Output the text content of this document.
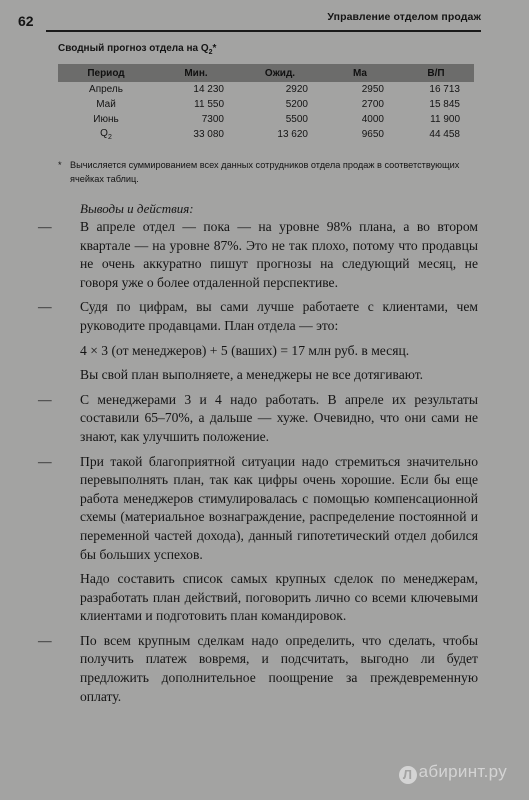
62	Управление отделом продаж
Сводный прогноз отдела на $Q_2*$
Период	Мин.	Ожид.	Ма	В/П
Апрель	14 230	2920	2950	16 713
Май	11 550	5200	2700	15 845
Июнь	7300	5500	4000	11 900
$Q_2$	33 080	13 620	9650	44 458
* Вычисляется суммированием всех данных сотрудников отдела продаж в соответствующих ячейках таблиц.
Выводы и действия:
— В апреле отдел — пока — на уровне 98% плана, а во втором квартале — на уровне 87%. Это не так плохо, потому что продавцы не очень аккуратно пишут прогнозы на следующий месяц, не говоря уже о более отдаленной перспективе.

— Судя по цифрам, вы сами лучше работаете с клиентами, чем руководите продавцами. План отдела — это:

4 × 3 (от менеджеров) + 5 (ваших) = 17 млн руб. в месяц.

Вы свой план выполняете, а менеджеры не все дотягивают.

— С менеджерами 3 и 4 надо работать. В апреле их результаты составили 65–70%, а дальше — хуже. Очевидно, что они сами не знают, как улучшить положение.

— При такой благоприятной ситуации надо стремиться значительно перевыполнять план, так как цифры очень хорошие. Если бы еще работа менеджеров стимулировалась с помощью компенсационной схемы (материальное вознаграждение, распределение постоянной и переменной частей дохода), данный гипотетический отдел добился бы больших успехов.

Надо составить список самых крупных сделок по менеджерам, разработать план действий, поговорить лично со всеми ключевыми клиентами и подготовить план командировок.

— По всем крупным сделкам надо определить, что сделать, чтобы получить платеж вовремя, и подсчитать, выгодно ли будет предложить дополнительное поощрение за преждевременную оплату.

Л абиринт.ру
